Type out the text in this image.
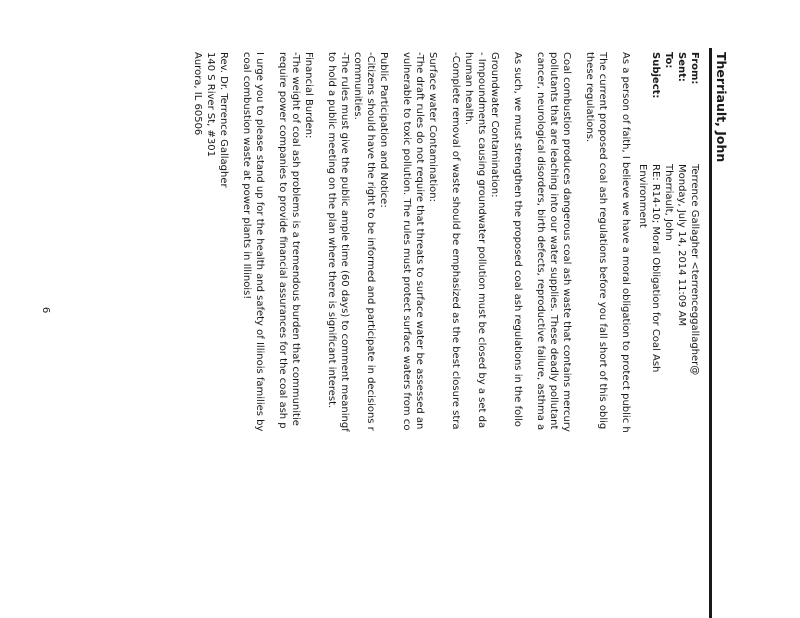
Therriault, John
From:
Terrence Gallagher <terrenceggallagher@
Sent:
Monday, July 14, 2014 11:09 AM
To:
Therriault, John
Subject:
RE: R14-10; Moral Obligation for Coal Ash
Environment
As a person of faith, I believe we have a moral obligation to protect public h
The current proposed coal ash regulations before you fall short of this oblig
these regulations.
Coal combustion produces dangerous coal ash waste that contains mercury
pollutants that are leaching into our water supplies. These deadly pollutant
cancer, neurological disorders, birth defects, reproductive failure, asthma a
As such, we must strengthen the proposed coal ash regulations in the follo
Groundwater Contamination:
- Impoundments causing groundwater pollution must be closed by a set da
human health.
-Complete removal of waste should be emphasized as the best closure stra
Surface water Contamination:
-The draft rules do not require that threats to surface water be assessed an
vulnerable to toxic pollution. The rules must protect surface waters from co
Public Participation and Notice:
-Citizens should have the right to be informed and participate in decisions r
communities.
-The rules must give the public ample time (60 days) to comment meaningf
to hold a public meeting on the plan where there is significant interest.
Financial Burden:
-The weight of coal ash problems is a tremendous burden that communitie
require power companies to provide financial assurances for the coal ash p
I urge you to please stand up for the health and safety of Illinois families by
coal combustion waste at power plants in Illinois!
Rev. Dr. Terrence Gallagher
140 S River St, #301
Aurora, IL 60506
6
